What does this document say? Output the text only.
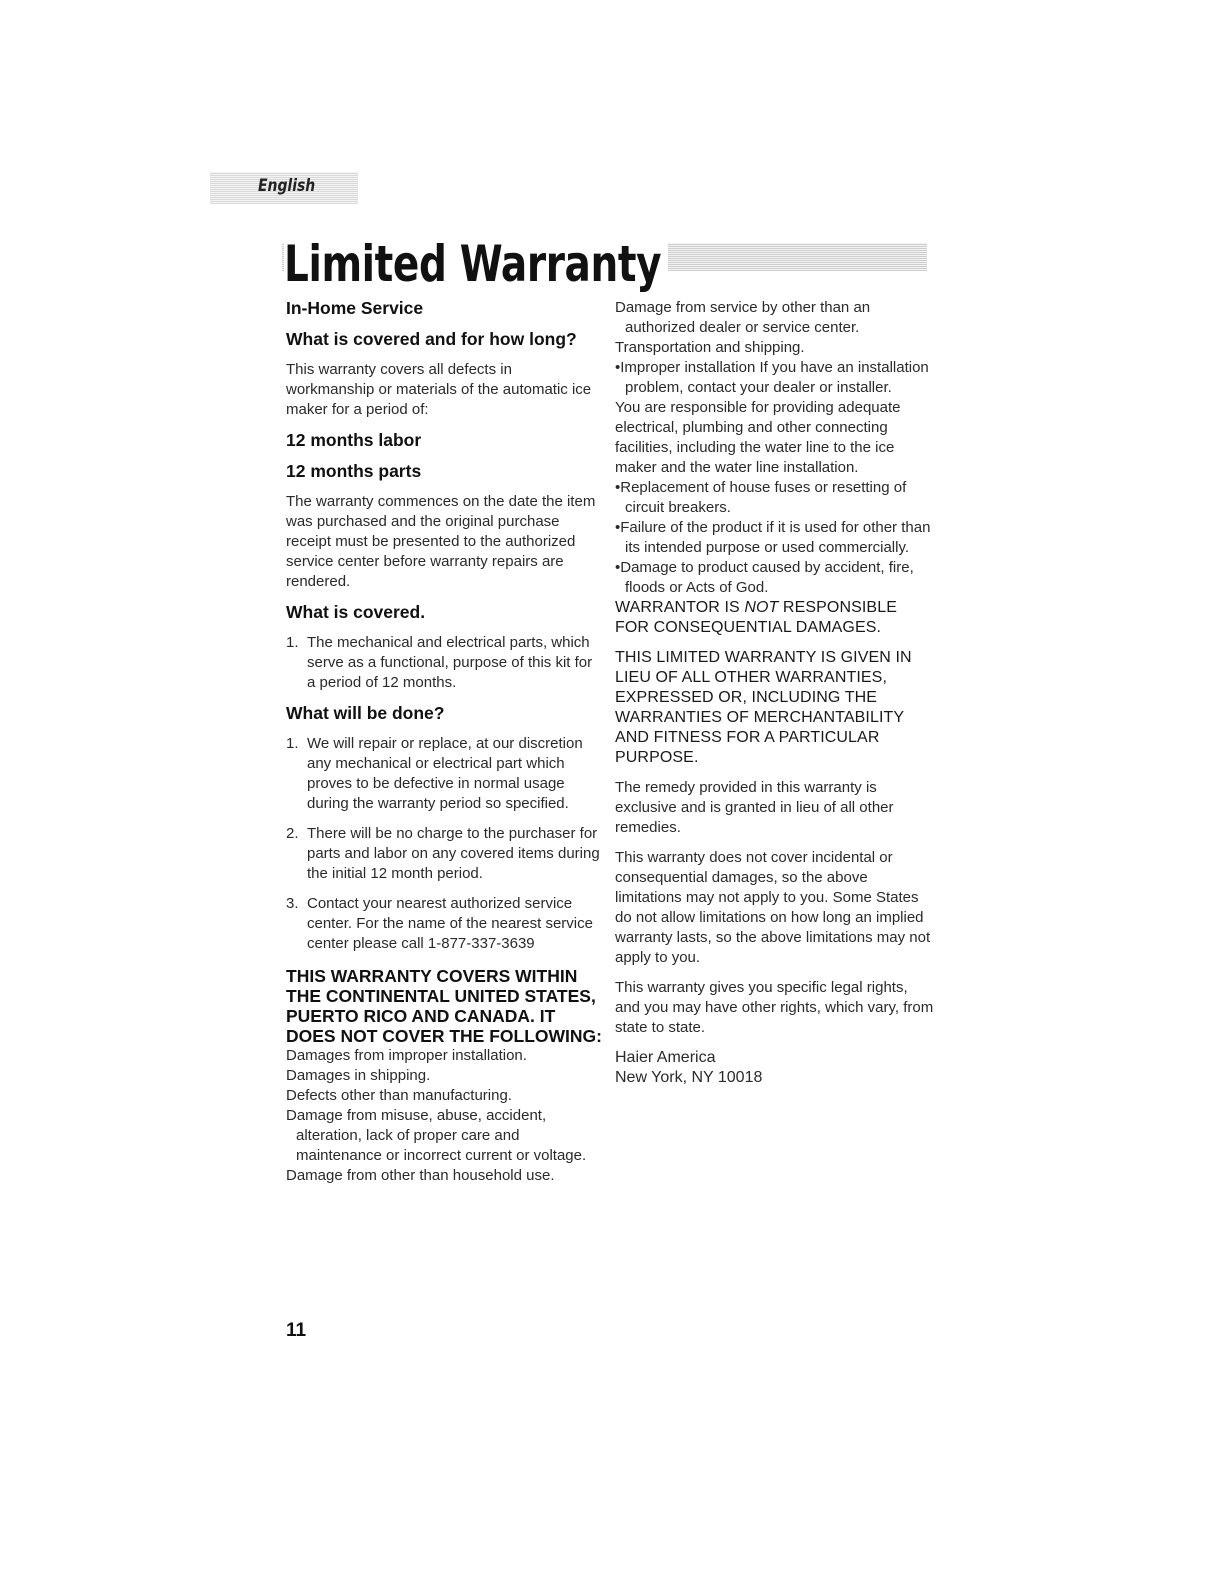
English
Limited Warranty

In-Home Service

What is covered and for how long?

This warranty covers all defects in workmanship or materials of the automatic ice maker for a period of:

12 months labor

12 months parts

The warranty commences on the date the item was purchased and the original purchase receipt must be presented to the authorized service center before warranty repairs are rendered.

What is covered.

1. The mechanical and electrical parts, which serve as a functional, purpose of this kit for a period of 12 months.

What will be done?

1. We will repair or replace, at our discretion any mechanical or electrical part which proves to be defective in normal usage during the warranty period so specified.
2. There will be no charge to the purchaser for parts and labor on any covered items during the initial 12 month period.
3. Contact your nearest authorized service center. For the name of the nearest service center please call 1-877-337-3639

THIS WARRANTY COVERS WITHIN THE CONTINENTAL UNITED STATES, PUERTO RICO AND CANADA. IT DOES NOT COVER THE FOLLOWING:

Damages from improper installation.

Damages in shipping.

Defects other than manufacturing.

Damage from misuse, abuse, accident, alteration, lack of proper care and maintenance or incorrect current or voltage.

Damage from other than household use.

Damage from service by other than an authorized dealer or service center.

Transportation and shipping.

•Improper installation If you have an installation problem, contact your dealer or installer.

You are responsible for providing adequate electrical, plumbing and other connecting facilities, including the water line to the ice maker and the water line installation.

•Replacement of house fuses or resetting of circuit breakers.

•Failure of the product if it is used for other than its intended purpose or used commercially.

•Damage to product caused by accident, fire, floods or Acts of God.

WARRANTOR IS NOT RESPONSIBLE FOR CONSEQUENTIAL DAMAGES.

THIS LIMITED WARRANTY IS GIVEN IN LIEU OF ALL OTHER WARRANTIES, EXPRESSED OR, INCLUDING THE WARRANTIES OF MERCHANTABILITY AND FITNESS FOR A PARTICULAR PURPOSE.

The remedy provided in this warranty is exclusive and is granted in lieu of all other remedies.

This warranty does not cover incidental or consequential damages, so the above limitations may not apply to you. Some States do not allow limitations on how long an implied warranty lasts, so the above limitations may not apply to you.

This warranty gives you specific legal rights, and you may have other rights, which vary, from state to state.

Haier America

New York, NY 10018

11
